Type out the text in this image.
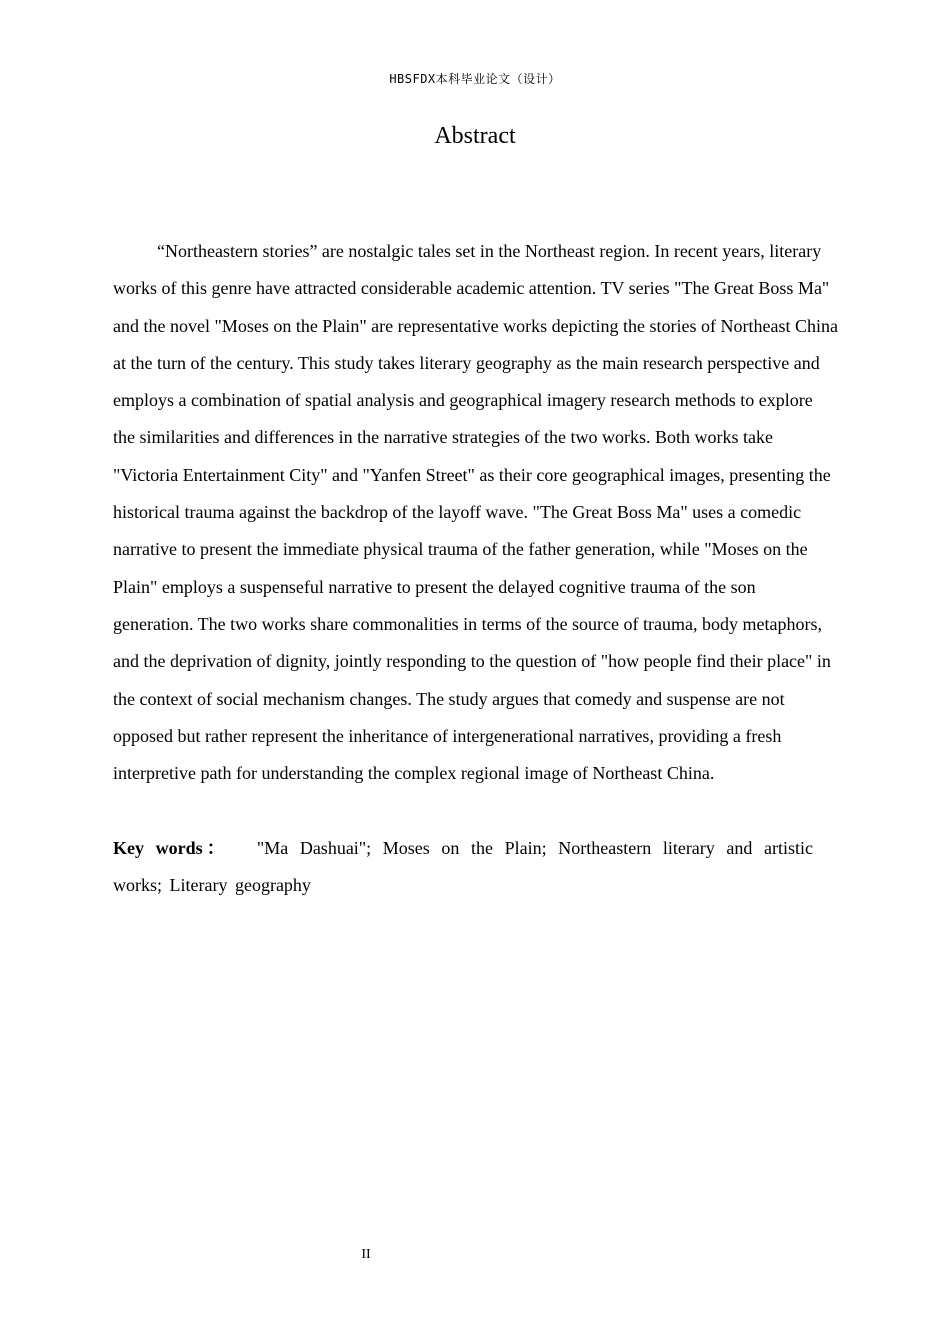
HBSFDX本科毕业论文（设计）
Abstract

“Northeastern stories” are nostalgic tales set in the Northeast region. In recent years, literary works of this genre have attracted considerable academic attention. TV series "The Great Boss Ma" and the novel "Moses on the Plain" are representative works depicting the stories of Northeast China at the turn of the century. This study takes literary geography as the main research perspective and employs a combination of spatial analysis and geographical imagery research methods to explore the similarities and differences in the narrative strategies of the two works. Both works take "Victoria Entertainment City" and "Yanfen Street" as their core geographical images, presenting the historical trauma against the backdrop of the layoff wave. "The Great Boss Ma" uses a comedic narrative to present the immediate physical trauma of the father generation, while "Moses on the Plain" employs a suspenseful narrative to present the delayed cognitive trauma of the son generation. The two works share commonalities in terms of the source of trauma, body metaphors, and the deprivation of dignity, jointly responding to the question of "how people find their place" in the context of social mechanism changes. The study argues that comedy and suspense are not opposed but rather represent the inheritance of intergenerational narratives, providing a fresh interpretive path for understanding the complex regional image of Northeast China.

Key words： "Ma Dashuai"; Moses on the Plain; Northeastern literary and artistic works; Literary geography

II
